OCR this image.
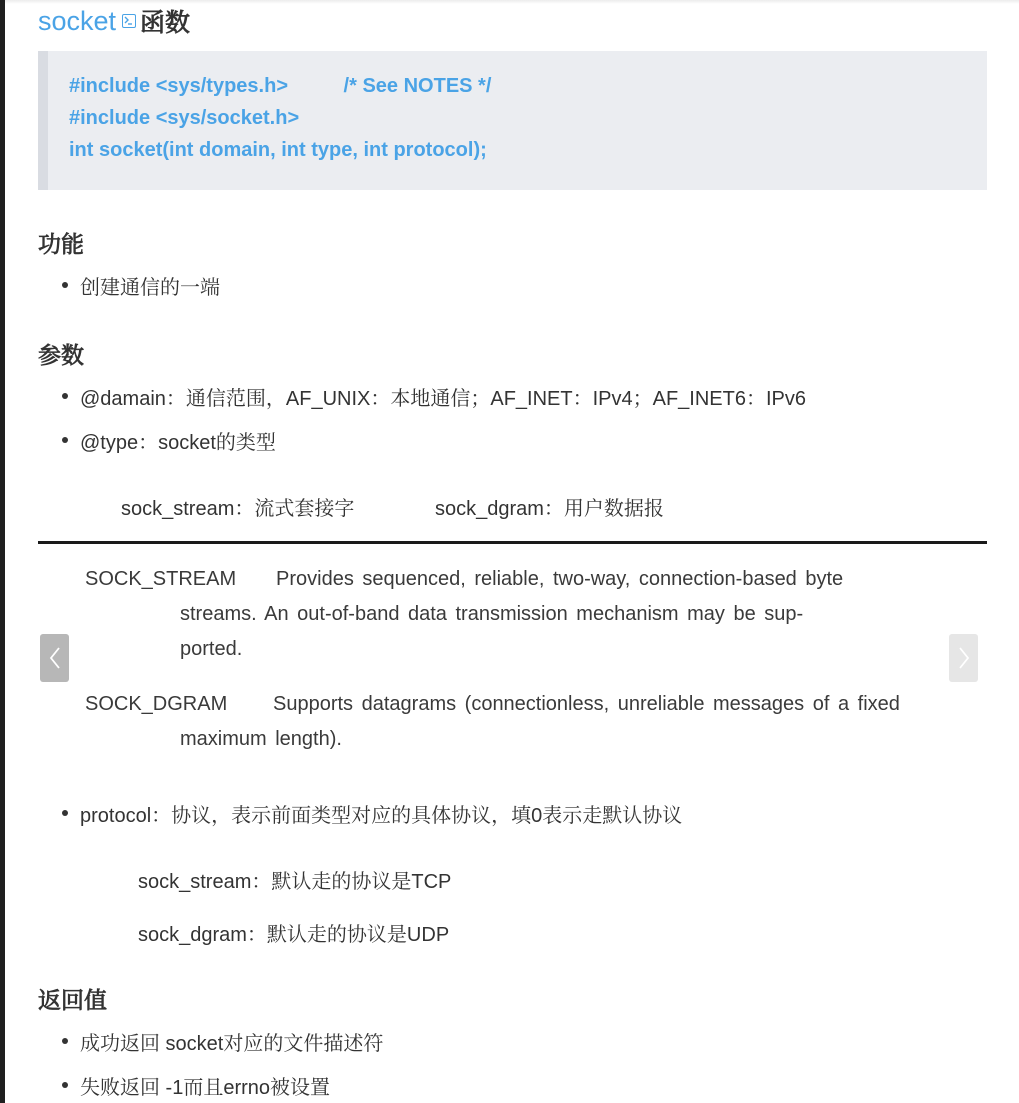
socket 函数
#include <sys/types.h>          /* See NOTES */
#include <sys/socket.h>
int socket(int domain, int type, int protocol);
功能
创建通信的一端
参数
@damain：通信范围，AF_UNIX：本地通信；AF_INET：IPv4；AF_INET6：IPv6
@type：socket的类型
sock_stream：流式套接字	sock_dgram：用户数据报
SOCK_STREAM Provides sequenced, reliable, two-way, connection-based byte
streams. An out-of-band data transmission mechanism may be sup-
ported.
SOCK_DGRAM Supports datagrams (connectionless, unreliable messages of a fixed
maximum length).
protocol：协议，表示前面类型对应的具体协议，填0表示走默认协议
sock_stream：默认走的协议是TCP
sock_dgram：默认走的协议是UDP
返回值
成功返回 socket对应的文件描述符
失败返回 -1而且errno被设置
